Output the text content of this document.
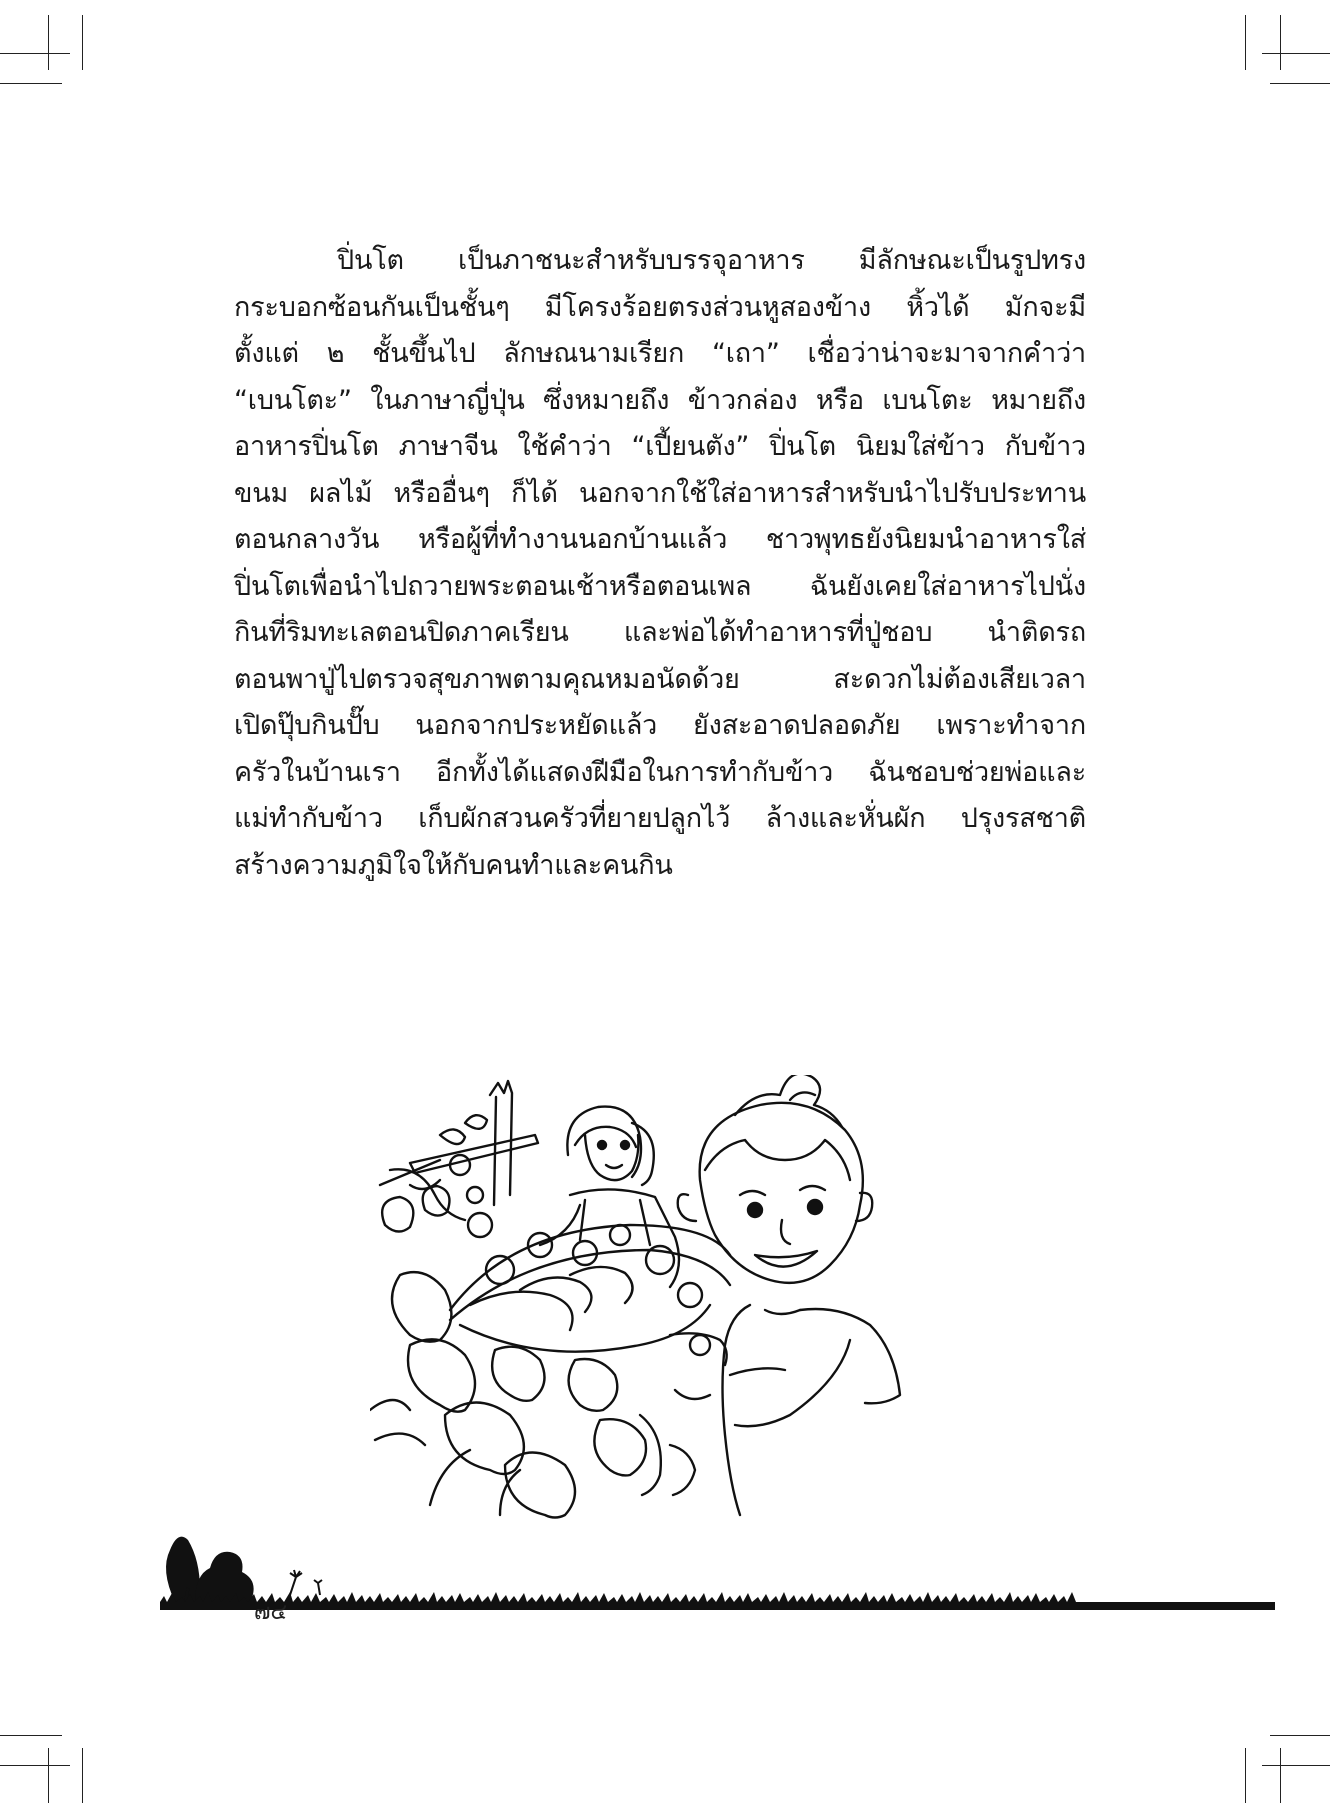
ปิ่นโต เป็นภาชนะสำหรับบรรจุอาหาร มีลักษณะเป็นรูปทรง
กระบอกซ้อนกันเป็นชั้นๆ มีโครงร้อยตรงส่วนหูสองข้าง หิ้วได้ มักจะมี
ตั้งแต่ ๒ ชั้นขึ้นไป ลักษณนามเรียก “เถา” เชื่อว่าน่าจะมาจากคำว่า
“เบนโตะ” ในภาษาญี่ปุ่น ซึ่งหมายถึง ข้าวกล่อง หรือ เบนโตะ หมายถึง
อาหารปิ่นโต ภาษาจีน ใช้คำว่า “เปี้ยนตัง” ปิ่นโต นิยมใส่ข้าว กับข้าว
ขนม ผลไม้ หรืออื่นๆ ก็ได้ นอกจากใช้ใส่อาหารสำหรับนำไปรับประทาน
ตอนกลางวัน หรือผู้ที่ทำงานนอกบ้านแล้ว ชาวพุทธยังนิยมนำอาหารใส่
ปิ่นโตเพื่อนำไปถวายพระตอนเช้าหรือตอนเพล ฉันยังเคยใส่อาหารไปนั่ง
กินที่ริมทะเลตอนปิดภาคเรียน และพ่อได้ทำอาหารที่ปู่ชอบ นำติดรถ
ตอนพาปู่ไปตรวจสุขภาพตามคุณหมอนัดด้วย สะดวกไม่ต้องเสียเวลา
เปิดปุ๊บกินปั๊บ นอกจากประหยัดแล้ว ยังสะอาดปลอดภัย เพราะทำจาก
ครัวในบ้านเรา อีกทั้งได้แสดงฝีมือในการทำกับข้าว ฉันชอบช่วยพ่อและ
แม่ทำกับข้าว เก็บผักสวนครัวที่ยายปลูกไว้ ล้างและหั่นผัก ปรุงรสชาติ
สร้างความภูมิใจให้กับคนทำและคนกิน
๗๔
